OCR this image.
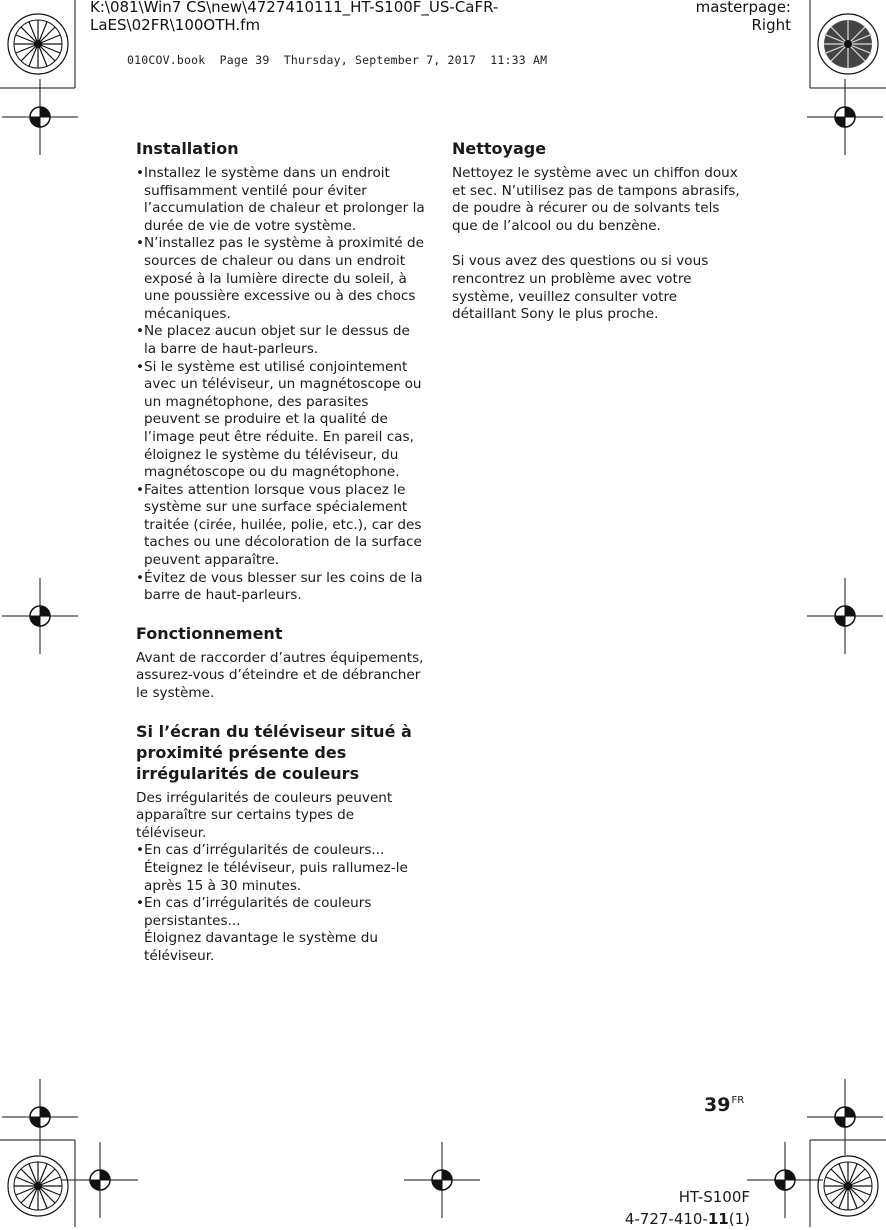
K:\081\Win7 CS\new\4727410111_HT-S100F_US-CaFR-
LaES\02FR\100OTH.fm
masterpage:
Right
010COV.book  Page 39  Thursday, September 7, 2017  11:33 AM
Installation
• Installez le système dans un endroit suffisamment ventilé pour éviter l’accumulation de chaleur et prolonger la durée de vie de votre système.
• N’installez pas le système à proximité de sources de chaleur ou dans un endroit exposé à la lumière directe du soleil, à une poussière excessive ou à des chocs mécaniques.
• Ne placez aucun objet sur le dessus de la barre de haut-parleurs.
• Si le système est utilisé conjointement avec un téléviseur, un magnétoscope ou un magnétophone, des parasites peuvent se produire et la qualité de l’image peut être réduite. En pareil cas, éloignez le système du téléviseur, du magnétoscope ou du magnétophone.
• Faites attention lorsque vous placez le système sur une surface spécialement traitée (cirée, huilée, polie, etc.), car des taches ou une décoloration de la surface peuvent apparaître.
• Évitez de vous blesser sur les coins de la barre de haut-parleurs.
Fonctionnement

Avant de raccorder d’autres équipements, assurez-vous d’éteindre et de débrancher le système.

Si l’écran du téléviseur situé à proximité présente des irrégularités de couleurs

Des irrégularités de couleurs peuvent apparaître sur certains types de téléviseur.

• En cas d’irrégularités de couleurs...
Éteignez le téléviseur, puis rallumez-le après 15 à 30 minutes.
• En cas d’irrégularités de couleurs persistantes...
Éloignez davantage le système du téléviseur.
Nettoyage

Nettoyez le système avec un chiffon doux et sec. N’utilisez pas de tampons abrasifs, de poudre à récurer ou de solvants tels que de l’alcool ou du benzène.

Si vous avez des questions ou si vous rencontrez un problème avec votre système, veuillez consulter votre détaillant Sony le plus proche.

$39^{FR}$
HT-S100F
4-727-410-11(1)
